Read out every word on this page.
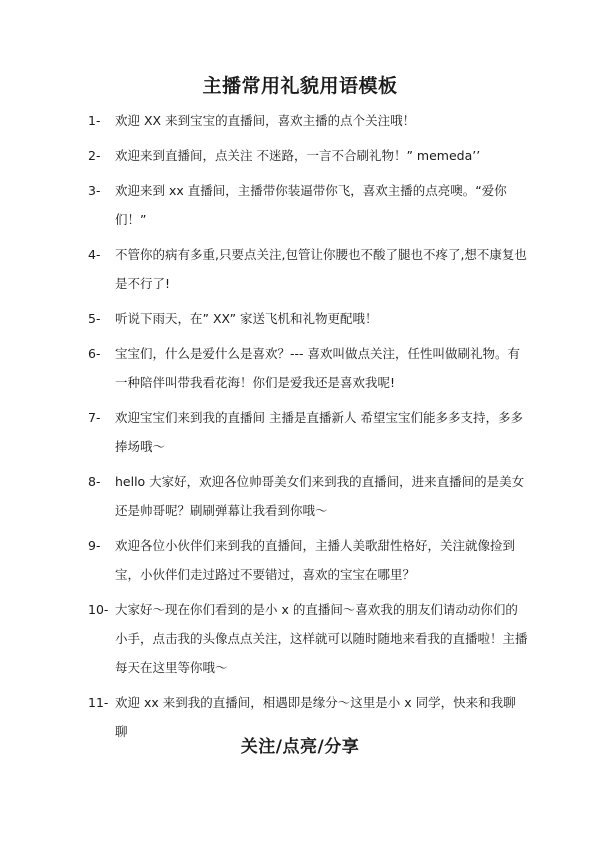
主播常用礼貌用语模板
1- 欢迎 XX 来到宝宝的直播间，喜欢主播的点个关注哦！
2- 欢迎来到直播间，点关注 不迷路，一言不合刷礼物！” memeda’’
3- 欢迎来到 xx 直播间，主播带你装逼带你飞，喜欢主播的点亮噢。“爱你们！”
4- 不管你的病有多重,只要点关注,包管让你腰也不酸了腿也不疼了,想不康复也是不行了!
5- 听说下雨天，在” XX” 家送飞机和礼物更配哦！
6- 宝宝们，什么是爱什么是喜欢？--- 喜欢叫做点关注，任性叫做刷礼物。有一种陪伴叫带我看花海！你们是爱我还是喜欢我呢!
7- 欢迎宝宝们来到我的直播间 主播是直播新人 希望宝宝们能多多支持，多多捧场哦～
8- hello 大家好，欢迎各位帅哥美女们来到我的直播间，进来直播间的是美女还是帅哥呢？刷刷弹幕让我看到你哦～
9- 欢迎各位小伙伴们来到我的直播间，主播人美歌甜性格好，关注就像捡到宝，小伙伴们走过路过不要错过，喜欢的宝宝在哪里？
10- 大家好～现在你们看到的是小 x 的直播间～喜欢我的朋友们请动动你们的小手，点击我的头像点点关注，这样就可以随时随地来看我的直播啦！主播每天在这里等你哦～
11- 欢迎 xx 来到我的直播间，相遇即是缘分～这里是小 x 同学，快来和我聊聊
关注/点亮/分享
